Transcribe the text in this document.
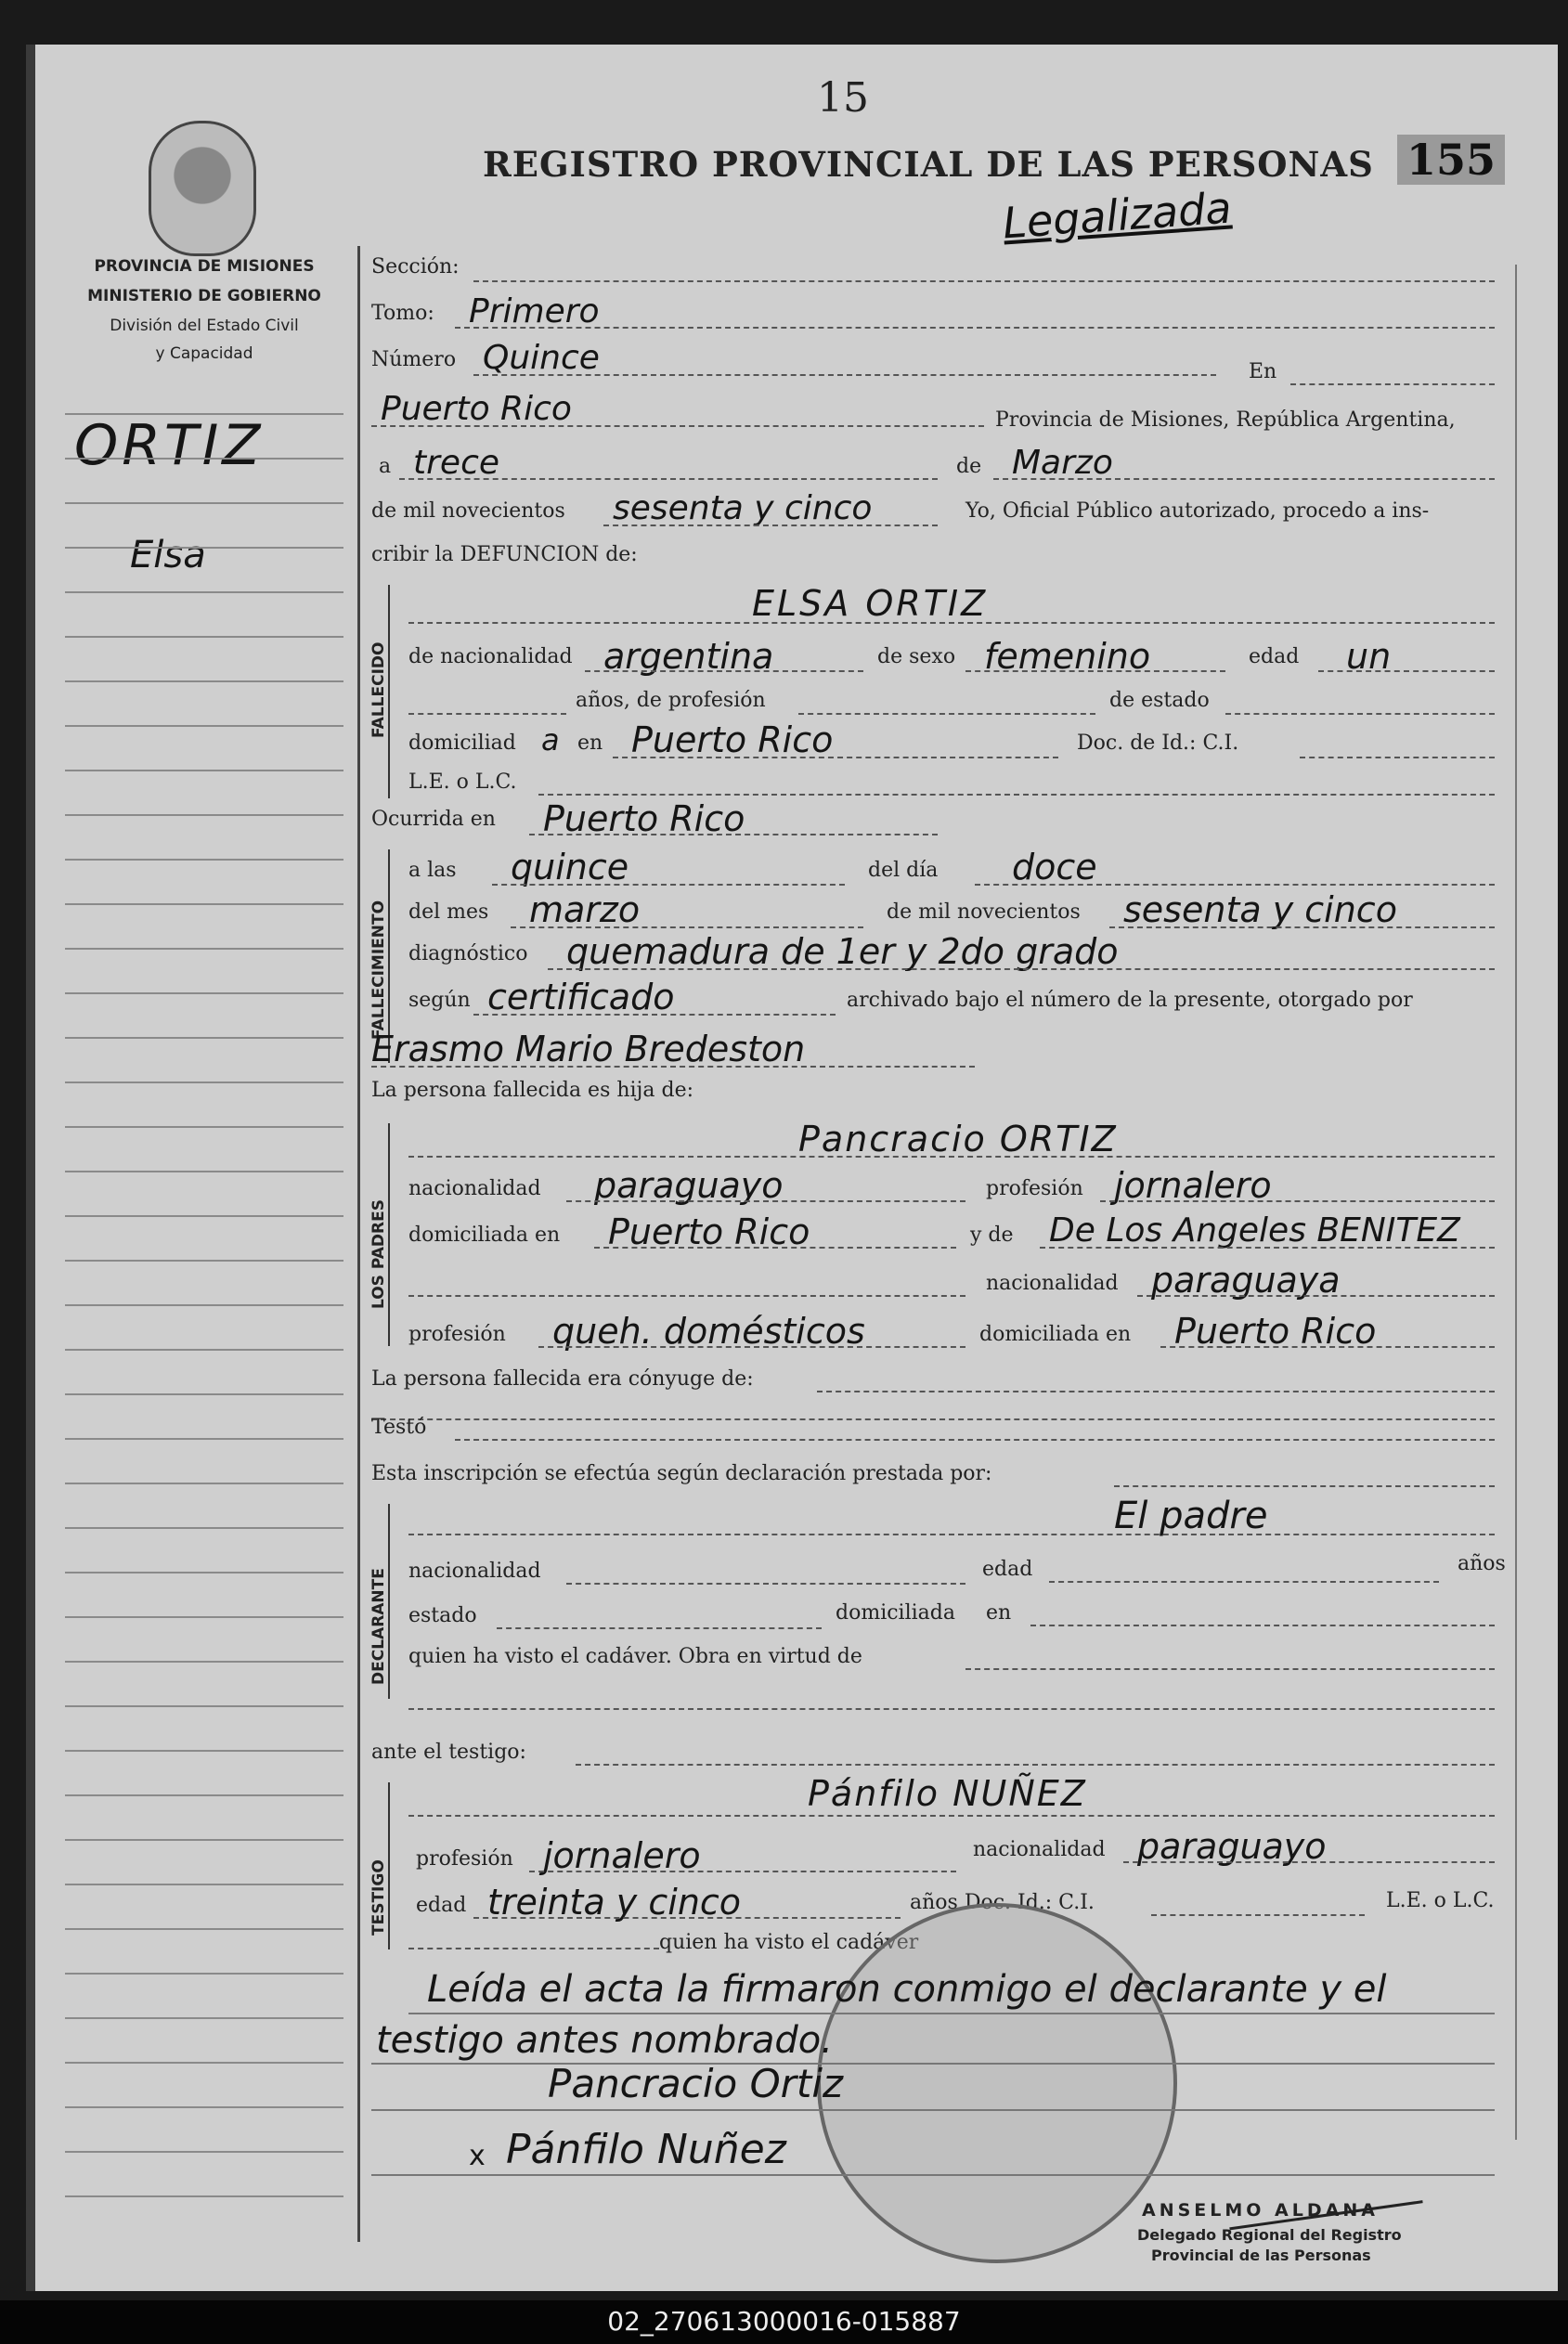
15
REGISTRO PROVINCIAL DE LAS PERSONAS 155
Legalizada
PROVINCIA DE MISIONES
MINISTERIO DE GOBIERNO
División del Estado Civil
y Capacidad
ORTIZ
Elsa
Sección:
Tomo: Primero
Número Quince	En
Puerto Rico	Provincia de Misiones, República Argentina,
a trece	de Marzo
de mil novecientos sesenta y cinco	Yo, Oficial Público autorizado, procedo a ins-
cribir la DEFUNCION de:
FALLECIDO
ELSA ORTIZ
de nacionalidad argentina	de sexo femenino	edad un
años, de profesión	de estado
domiciliad a en Puerto Rico	Doc. de Id.: C.I.
L.E. o L.C.
Ocurrida en Puerto Rico
FALLECIMIENTO
a las quince	del día doce
del mes marzo	de mil novecientos sesenta y cinco
diagnóstico quemadura de 1er y 2do grado
según certificado	archivado bajo el número de la presente, otorgado por
Erasmo Mario Bredeston
La persona fallecida es hija de:
LOS PADRES
Pancracio ORTIZ
nacionalidad paraguayo	profesión jornalero
domiciliada en Puerto Rico	y de De Los Angeles BENITEZ
nacionalidad paraguaya
profesión queh. domésticos	domiciliada en Puerto Rico
La persona fallecida era cónyuge de:
Testó
Esta inscripción se efectúa según declaración prestada por:
DECLARANTE
El padre
nacionalidad	edad	años
estado	domiciliada en
quien ha visto el cadáver. Obra en virtud de
ante el testigo:
TESTIGO
Pánfilo NUÑEZ
profesión jornalero	nacionalidad paraguayo
edad treinta y cinco	años Doc. Id.: C.I.	L.E. o L.C.
quien ha visto el cadáver
Leída el acta la firmaron conmigo el declarante y el
testigo antes nombrado.
Pancracio Ortiz
x Pánfilo Nuñez
ANSELMO ALDANA
Delegado Regional del Registro
Provincial de las Personas
02_270613000016-015887
